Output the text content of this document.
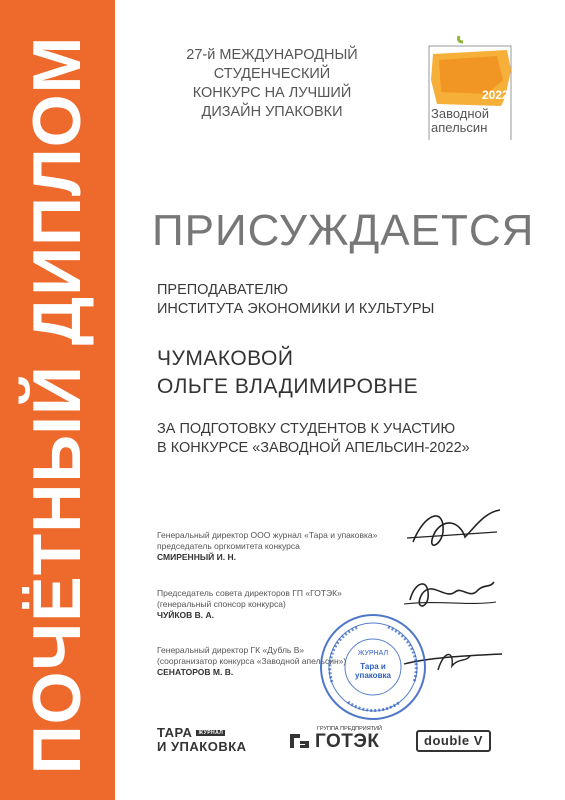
ПОЧЁТНЫЙ ДИПЛОМ	27-й МЕЖДУНАРОДНЫЙ
СТУДЕНЧЕСКИЙ
КОНКУРС НА ЛУЧШИЙ
ДИЗАЙН УПАКОВКИ
2022
Заводной
апельсин
ПРИСУЖДАЕТСЯ
ПРЕПОДАВАТЕЛЮ
ИНСТИТУТА ЭКОНОМИКИ И КУЛЬТУРЫ
ЧУМАКОВОЙ
ОЛЬГЕ ВЛАДИМИРОВНЕ
ЗА ПОДГОТОВКУ СТУДЕНТОВ К УЧАСТИЮ
В КОНКУРСЕ «ЗАВОДНОЙ АПЕЛЬСИН-2022»
Генеральный директор ООО журнал «Тара и упаковка»
председатель оргкомитета конкурса
СМИРЕННЫЙ И. Н.
Председатель совета директоров ГП «ГОТЭК»
(генеральный спонсор конкурса)
ЧУЙКОВ В. А.
Генеральный директор ГК «Дубль В»
(соорганизатор конкурса «Заводной апельсин»)
СЕНАТОРОВ М. В.
ЖУРНАЛ
Тара и упаковка
ТАРА $^{ЖУРНАЛ}$
И УПАКОВКА
ГРУППА ПРЕДПРИЯТИЙ
ГОТЭК	double V
